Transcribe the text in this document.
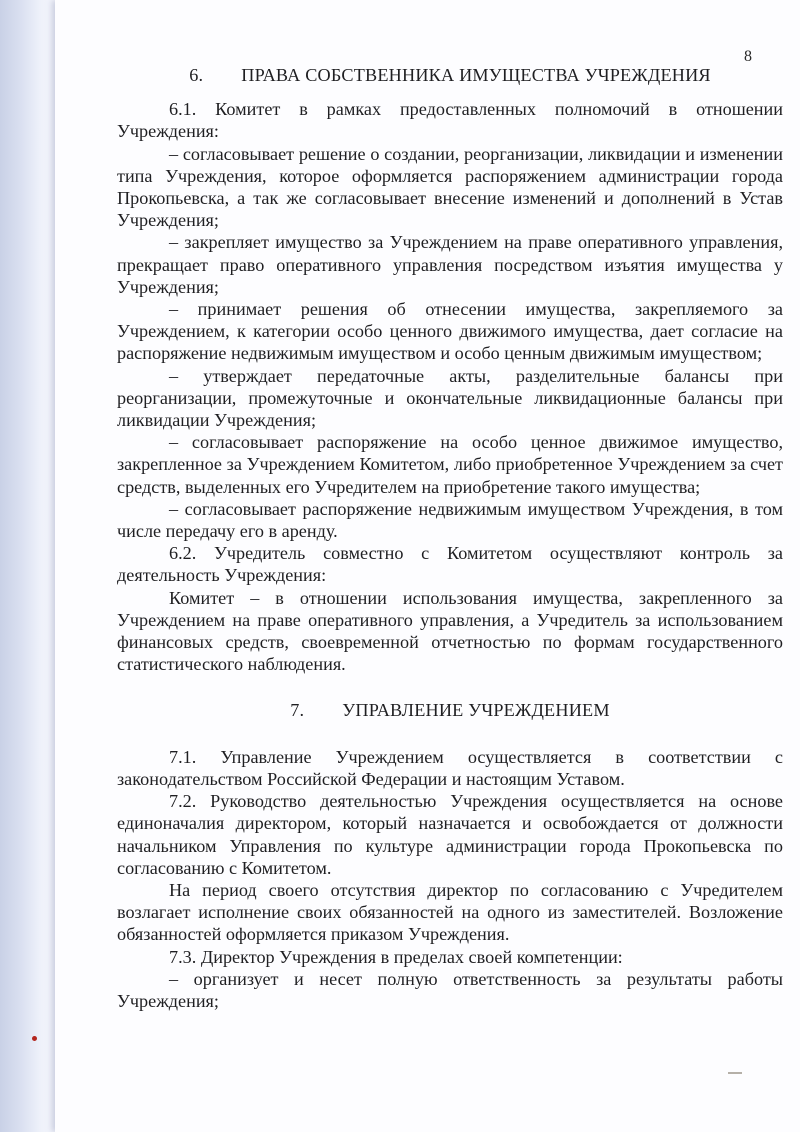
8
6. ПРАВА СОБСТВЕННИКА ИМУЩЕСТВА УЧРЕЖДЕНИЯ

6.1. Комитет в рамках предоставленных полномочий в отношении Учреждения:

– согласовывает решение о создании, реорганизации, ликвидации и изменении типа Учреждения, которое оформляется распоряжением администрации города Прокопьевска, а так же согласовывает внесение изменений и дополнений в Устав Учреждения;

– закрепляет имущество за Учреждением на праве оперативного управления, прекращает право оперативного управления посредством изъятия имущества у Учреждения;

– принимает решения об отнесении имущества, закрепляемого за Учреждением, к категории особо ценного движимого имущества, дает согласие на распоряжение недвижимым имуществом и особо ценным движимым имуществом;

– утверждает передаточные акты, разделительные балансы при реорганизации, промежуточные и окончательные ликвидационные балансы при ликвидации Учреждения;

– согласовывает распоряжение на особо ценное движимое имущество, закрепленное за Учреждением Комитетом, либо приобретенное Учреждением за счет средств, выделенных его Учредителем на приобретение такого имущества;

– согласовывает распоряжение недвижимым имуществом Учреждения, в том числе передачу его в аренду.

6.2. Учредитель совместно с Комитетом осуществляют контроль за деятельность Учреждения:

Комитет – в отношении использования имущества, закрепленного за Учреждением на праве оперативного управления, а Учредитель за использованием финансовых средств, своевременной отчетностью по формам государственного статистического наблюдения.

7. УПРАВЛЕНИЕ УЧРЕЖДЕНИЕМ

7.1. Управление Учреждением осуществляется в соответствии с законодательством Российской Федерации и настоящим Уставом.

7.2. Руководство деятельностью Учреждения осуществляется на основе единоначалия директором, который назначается и освобождается от должности начальником Управления по культуре администрации города Прокопьевска по согласованию с Комитетом.

На период своего отсутствия директор по согласованию с Учредителем возлагает исполнение своих обязанностей на одного из заместителей. Возложение обязанностей оформляется приказом Учреждения.

7.3. Директор Учреждения в пределах своей компетенции:

– организует и несет полную ответственность за результаты работы Учреждения;
